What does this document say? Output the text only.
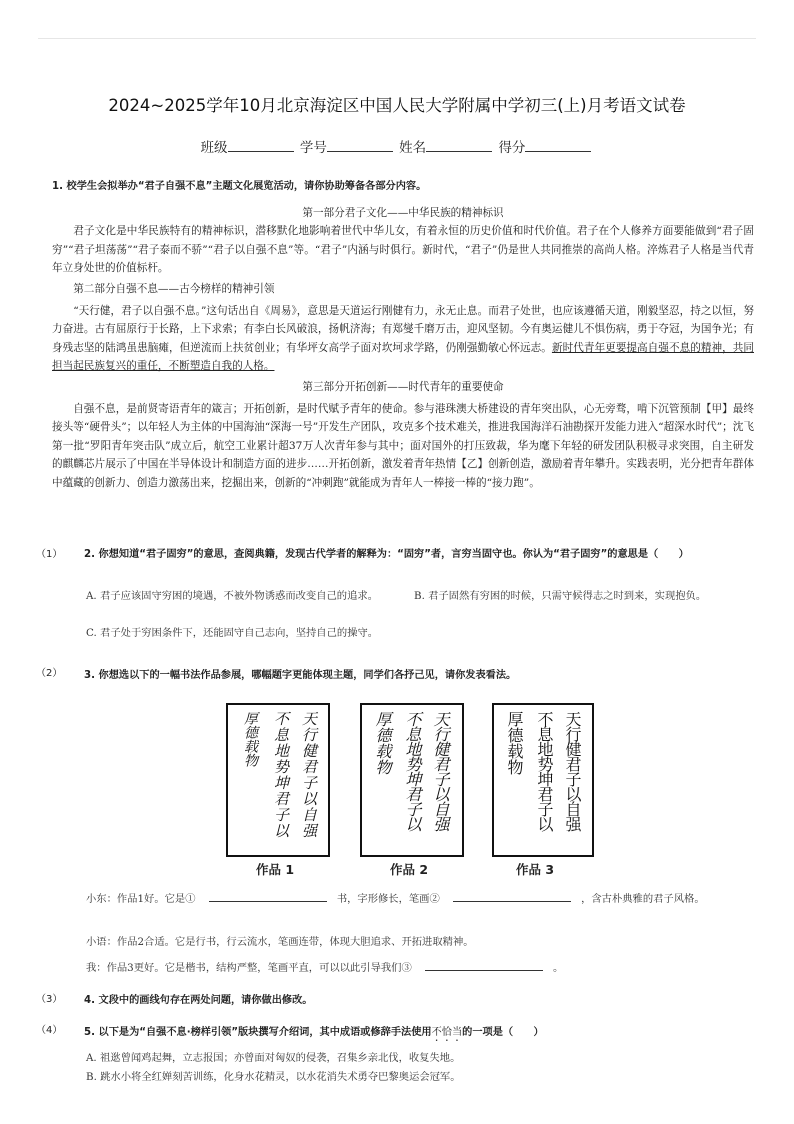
2024~2025学年10月北京海淀区中国人民大学附属中学初三(上)月考语文试卷
班级	学号	姓名	得分
1. 校学生会拟举办“君子自强不息”主题文化展览活动，请你协助筹备各部分内容。
第一部分君子文化——中华民族的精神标识

君子文化是中华民族特有的精神标识，潜移默化地影响着世代中华儿女，有着永恒的历史价值和时代价值。君子在个人修养方面要能做到“君子固穷”“君子坦荡荡”“君子泰而不骄”“君子以自强不息”等。“君子”内涵与时俱行。新时代，“君子”仍是世人共同推崇的高尚人格。淬炼君子人格是当代青年立身处世的价值标杆。

第二部分自强不息——古今榜样的精神引领

“天行健，君子以自强不息。”这句话出自《周易》，意思是天道运行刚健有力，永无止息。而君子处世，也应该遵循天道，刚毅坚忍，持之以恒，努力奋进。古有屈原行于长路，上下求索；有李白长风破浪，扬帆济海；有郑燮千磨万击，迎风坚韧。今有奥运健儿不惧伤病，勇于夺冠，为国争光；有身残志坚的陆鸿虽患脑瘫，但逆流而上扶贫创业；有华坪女高学子面对坎坷求学路，仍刚强勤敏心怀远志。新时代青年更要提高自强不息的精神，共同担当起民族复兴的重任，不断塑造自我的人格。

第三部分开拓创新——时代青年的重要使命

自强不息，是前贤寄语青年的箴言；开拓创新，是时代赋予青年的使命。参与港珠澳大桥建设的青年突出队，心无旁骛，啃下沉管预制【甲】最终接头等“硬骨头”；以年轻人为主体的中国海油“深海一号”开发生产团队，攻克多个技术难关，推进我国海洋石油勘探开发能力进入“超深水时代”；沈飞第一批“罗阳青年突击队”成立后，航空工业累计超37万人次青年参与其中；面对国外的打压致裁，华为麾下年轻的研发团队积极寻求突围，自主研发的麒麟芯片展示了中国在半导体设计和制造方面的进步……开拓创新，激发着青年热情【乙】创新创造，激励着青年攀升。实践表明，光分把青年群体中蕴藏的创新力、创造力激荡出来，挖掘出来，创新的“冲刺跑”就能成为青年人一棒接一棒的“接力跑”。

（1） 2. 你想知道“君子固穷”的意思，查阅典籍，发现古代学者的解释为：“固穷”者，言穷当固守也。你认为“君子固穷”的意思是（　　）
A. 君子应该固守穷困的境遇，不被外物诱惑而改变自己的追求。	B. 君子固然有穷困的时候，只需守候得志之时到来，实现抱负。
C. 君子处于穷困条件下，还能固守自己志向，坚持自己的操守。
（2） 3. 你想选以下的一幅书法作品参展，哪幅题字更能体现主题，同学们各抒己见，请你发表看法。
天行健君子以自强
不息地势坤君子以
厚德载物	天行健君子以自强
不息地势坤君子以
厚德载物	天行健君子以自强
不息地势坤君子以
厚德载物
作品 1	作品 2	作品 3
小东：作品1好。它是①	书，字形修长，笔画②	，含古朴典雅的君子风格。
小语：作品2合适。它是行书，行云流水，笔画连带，体现大胆追求、开拓进取精神。
我：作品3更好。它是楷书，结构严整，笔画平直，可以以此引导我们③	。
（3） 4. 文段中的画线句存在两处问题，请你做出修改。
（4） 5. 以下是为“自强不息·榜样引领”版块撰写介绍词，其中成语或修辞手法使用不恰当的一项是（　　）
A. 祖逖曾闻鸡起舞，立志报国；亦曾面对匈奴的侵袭，召集乡亲北伐，收复失地。
B. 跳水小将全红婵刻苦训练，化身水花精灵，以水花消失术勇夺巴黎奥运会冠军。
